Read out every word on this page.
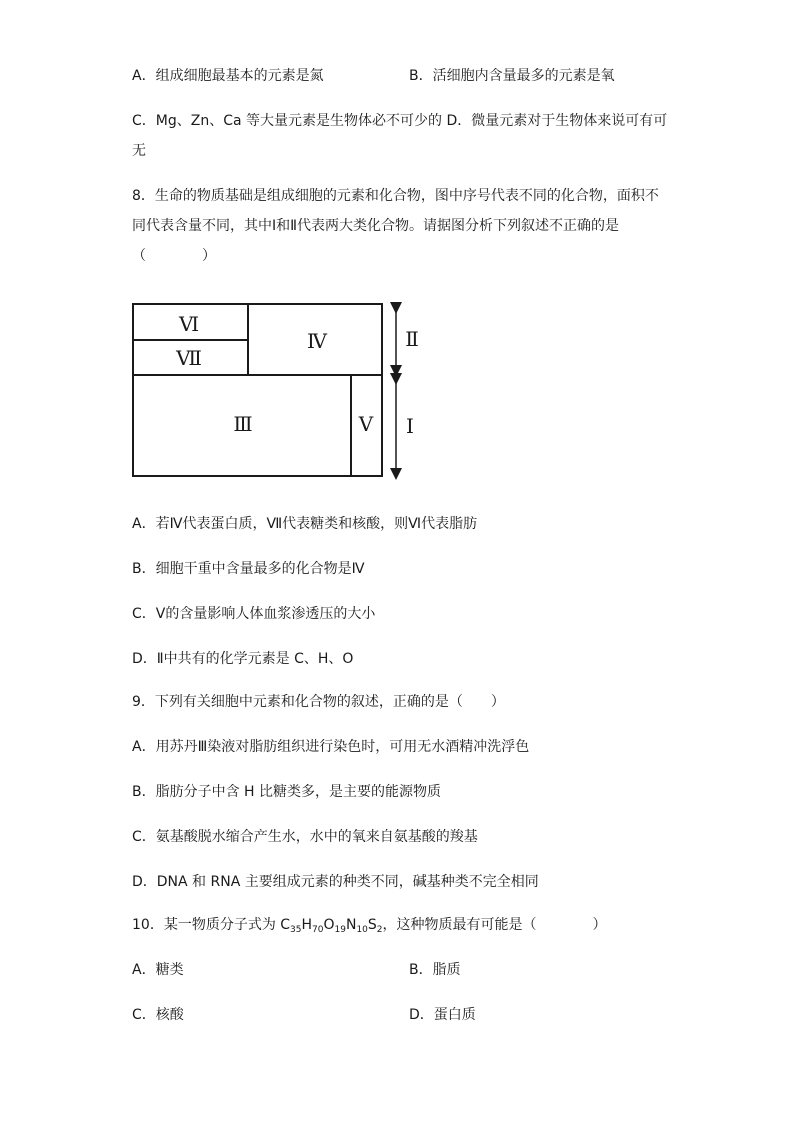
A．组成细胞最基本的元素是氮	B．活细胞内含量最多的元素是氧
C．Mg、Zn、Ca 等大量元素是生物体必不可少的 D．微量元素对于生物体来说可有可
无
8．生命的物质基础是组成细胞的元素和化合物，图中序号代表不同的化合物，面积不
同代表含量不同，其中Ⅰ和Ⅱ代表两大类化合物。请据图分析下列叙述不正确的是
（　　　　）
Ⅵ
Ⅶ
Ⅳ
Ⅲ	Ⅴ
Ⅱ
Ⅰ
A．若Ⅳ代表蛋白质，Ⅶ代表糖类和核酸，则Ⅵ代表脂肪
B．细胞干重中含量最多的化合物是Ⅳ
C．Ⅴ的含量影响人体血浆渗透压的大小
D．Ⅱ中共有的化学元素是 C、H、O
9．下列有关细胞中元素和化合物的叙述，正确的是（　　）
A．用苏丹Ⅲ染液对脂肪组织进行染色时，可用无水酒精冲洗浮色
B．脂肪分子中含 H 比糖类多，是主要的能源物质
C．氨基酸脱水缩合产生水，水中的氧来自氨基酸的羧基
D．DNA 和 RNA 主要组成元素的种类不同，碱基种类不完全相同
10．某一物质分子式为 $C_{35}H_{70}O_{19}N_{10}S_2$，这种物质最有可能是（　　　　）
A．糖类	B．脂质
C．核酸	D．蛋白质
